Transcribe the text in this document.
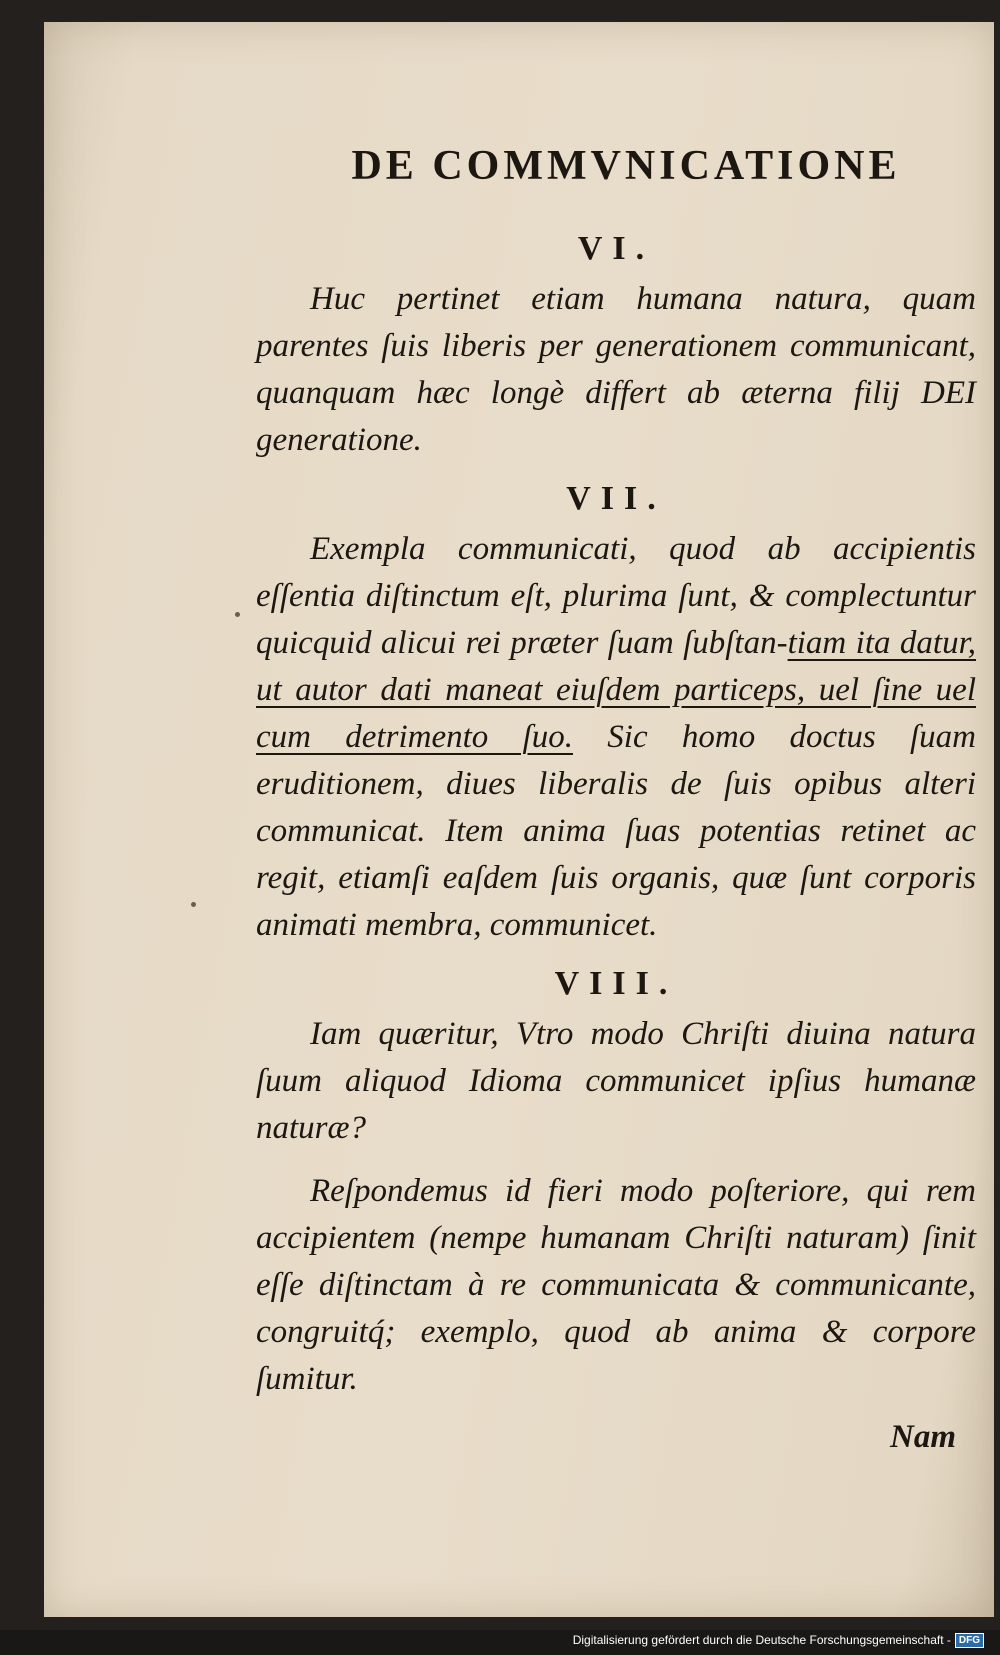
DE COMMVNICATIONE
VI.

Huc pertinet etiam humana natura, quam parentes ſuis liberis per generationem communicant, quanquam hæc longè differt ab æterna filij DEI generatione.

VII.

Exempla communicati, quod ab accipientis eſſentia diſtinctum eſt, plurima ſunt, & complectuntur quicquid alicui rei præter ſuam ſubſtan-tiam ita datur, ut autor dati maneat eiuſdem particeps, uel ſine uel cum detrimento ſuo. Sic homo doctus ſuam eruditionem, diues liberalis de ſuis opibus alteri communicat. Item anima ſuas potentias retinet ac regit, etiamſi eaſdem ſuis organis, quæ ſunt corporis animati membra, communicet.

VIII.

Iam quæritur, Vtro modo Chriſti diuina natura ſuum aliquod Idioma communicet ipſius humanæ naturæ?

Reſpondemus id fieri modo poſteriore, qui rem accipientem (nempe humanam Chriſti naturam) ſinit eſſe diſtinctam à re communicata & communicante, congruitq́; exemplo, quod ab anima & corpore ſumitur.

Nam
Digitalisierung gefördert durch die Deutsche Forschungsgemeinschaft - DFG
